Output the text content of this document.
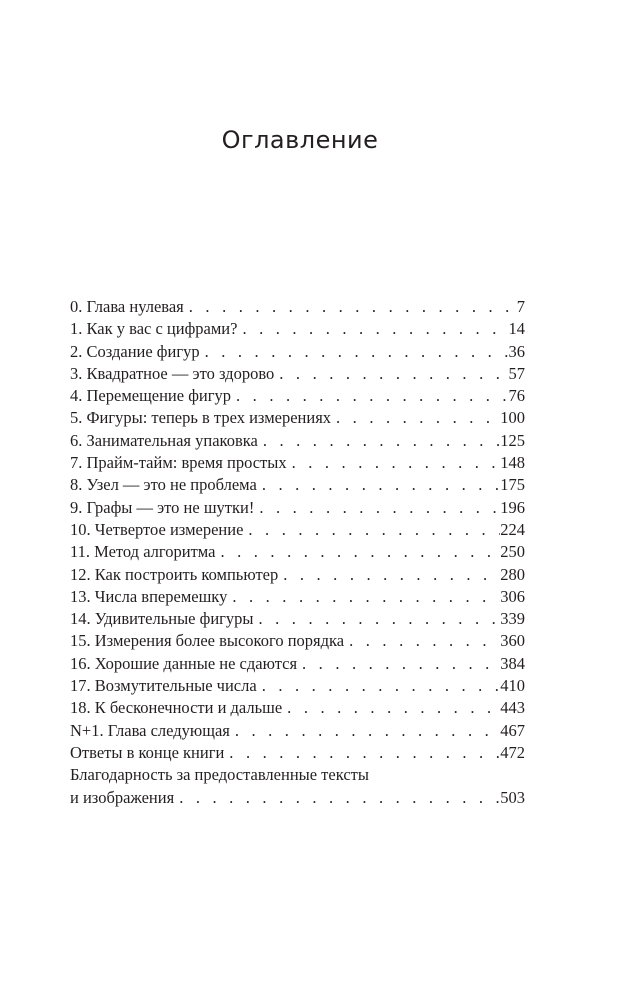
Оглавление
0. Глава нулевая . . .	7
1. Как у вас с цифрами? . . .	14
2. Создание фигур . . .	36
3. Квадратное — это здорово . . .	57
4. Перемещение фигур . . .	76
5. Фигуры: теперь в трех измерениях . . .	100
6. Занимательная упаковка . . .	125
7. Прайм-тайм: время простых . . .	148
8. Узел — это не проблема . . .	175
9. Графы — это не шутки! . . .	196
10. Четвертое измерение . . .	224
11. Метод алгоритма . . .	250
12. Как построить компьютер . . .	280
13. Числа вперемешку . . .	306
14. Удивительные фигуры . . .	339
15. Измерения более высокого порядка . . .	360
16. Хорошие данные не сдаются . . .	384
17. Возмутительные числа . . .	410
18. К бесконечности и дальше . . .	443
N+1. Глава следующая . . .	467
Ответы в конце книги . . .	472
Благодарность за предоставленные тексты
и изображения . . .	503
